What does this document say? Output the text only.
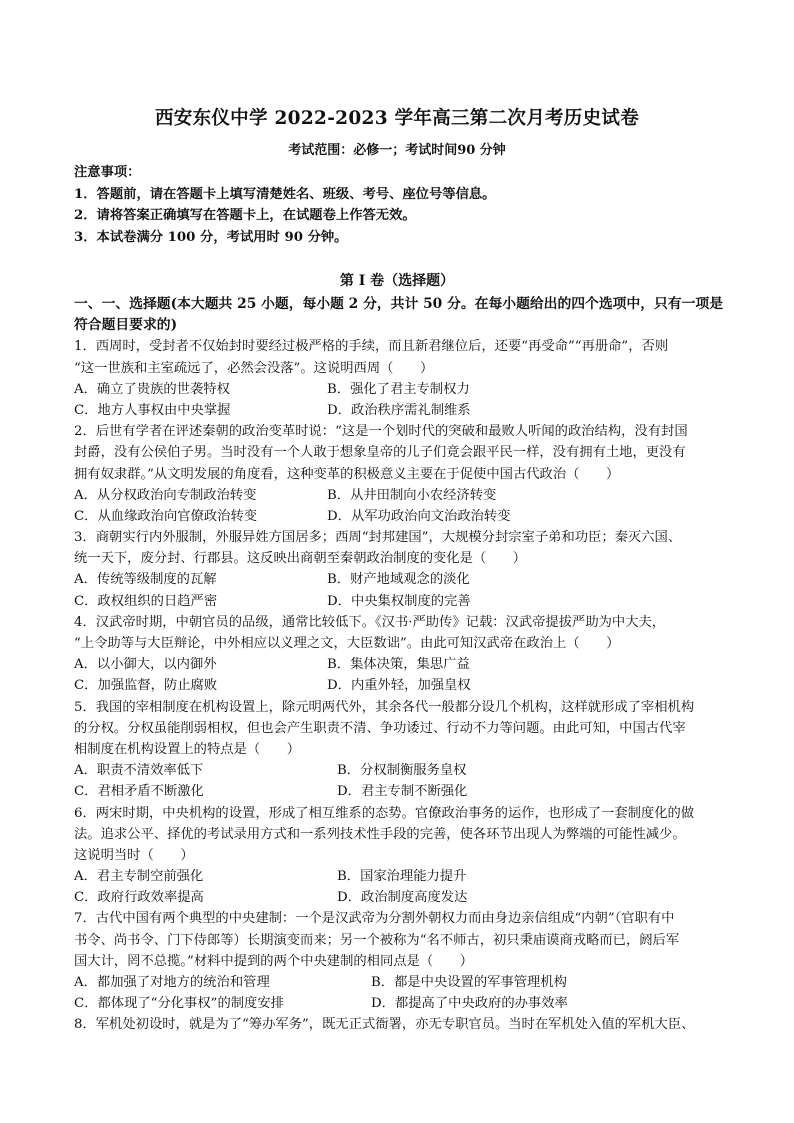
西安东仪中学 2022-2023 学年高三第二次月考历史试卷
考试范围：必修一；考试时间90 分钟
注意事项：
1．答题前，请在答题卡上填写清楚姓名、班级、考号、座位号等信息。
2．请将答案正确填写在答题卡上，在试题卷上作答无效。
3．本试卷满分 100 分，考试用时 90 分钟。
第 I 卷（选择题）
一、一、选择题(本大题共 25 小题，每小题 2 分，共计 50 分。在每小题给出的四个选项中，只有一项是
符合题目要求的)
1．西周时，受封者不仅始封时要经过极严格的手续，而且新君继位后，还要“再受命”“再册命”，否则
“这一世族和主室疏远了，必然会没落”。这说明西周（　　）
A．确立了贵族的世袭特权	B．强化了君主专制权力
C．地方人事权由中央掌握	D．政治秩序需礼制维系
2．后世有学者在评述秦朝的政治变革时说：“这是一个划时代的突破和最败人听闻的政治结构，没有封国
封爵，没有公侯伯子男。当时没有一个人敢于想象皇帝的儿子们竟会跟平民一样，没有拥有土地，更没有
拥有奴隶群。”从文明发展的角度看，这种变革的积极意义主要在于促使中国古代政治（　　）
A．从分权政治向专制政治转变	B．从井田制向小农经济转变
C．从血缘政治向官僚政治转变	D．从军功政治向文治政治转变
3．商朝实行内外服制，外服异姓方国居多；西周“封邦建国”，大规模分封宗室子弟和功臣；秦灭六国、
统一天下，废分封、行郡县。这反映出商朝至秦朝政治制度的变化是（　　）
A．传统等级制度的瓦解	B．财产地域观念的淡化
C．政权组织的日趋严密	D．中央集权制度的完善
4．汉武帝时期，中朝官员的品级，通常比较低下。《汉书·严助传》记载：汉武帝提拔严助为中大夫，
“上令助等与大臣辩论，中外相应以义理之文，大臣数诎”。由此可知汉武帝在政治上（　　）
A．以小御大，以内御外	B．集体决策，集思广益
C．加强监督，防止腐败	D．内重外轻，加强皇权
5．我国的宰相制度在机构设置上，除元明两代外，其余各代一般都分设几个机构，这样就形成了宰相机构
的分权。分权虽能削弱相权，但也会产生职责不清、争功诿过、行动不力等问题。由此可知，中国古代宰
相制度在机构设置上的特点是（　　）
A．职责不清效率低下	B．分权制衡服务皇权
C．君相矛盾不断激化	D．君主专制不断强化
6．两宋时期，中央机构的设置，形成了相互维系的态势。官僚政治事务的运作，也形成了一套制度化的做
法。追求公平、择优的考试录用方式和一系列技术性手段的完善，使各环节出现人为弊端的可能性减少。
这说明当时（　　）
A．君主专制空前强化	B．国家治理能力提升
C．政府行政效率提高	D．政治制度高度发达
7．古代中国有两个典型的中央建制：一个是汉武帝为分割外朝权力而由身边亲信组成“内朝”（官职有中
书令、尚书令、门下侍郎等）长期演变而来；另一个被称为“名不师古，初只秉庙谟商戎略而已，阏后军
国大计，罔不总揽。”材料中提到的两个中央建制的相同点是（　　）
A．都加强了对地方的统治和管理	B．都是中央设置的军事管理机构
C．都体现了“分化事权”的制度安排	D．都提高了中央政府的办事效率
8．军机处初设时，就是为了“筹办军务”，既无正式衙署，亦无专职官员。当时在军机处入值的军机大臣、
